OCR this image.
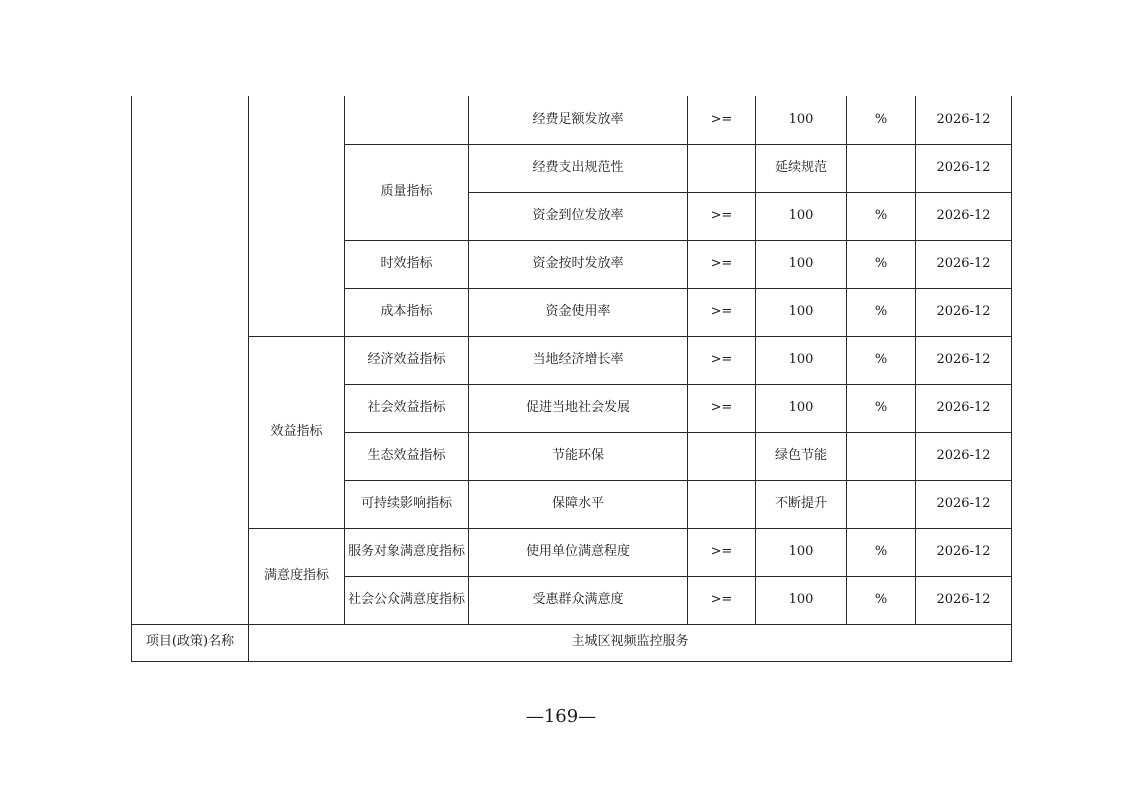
			经费足额发放率	>=	100	%	2026-12
		质量指标	经费支出规范性		延续规范		2026-12
			资金到位发放率	>=	100	%	2026-12
		时效指标	资金按时发放率	>=	100	%	2026-12
		成本指标	资金使用率	>=	100	%	2026-12
	效益指标	经济效益指标	当地经济增长率	>=	100	%	2026-12
		社会效益指标	促进当地社会发展	>=	100	%	2026-12
		生态效益指标	节能环保		绿色节能		2026-12
		可持续影响指标	保障水平		不断提升		2026-12
	满意度指标	服务对象满意度指标	使用单位满意程度	>=	100	%	2026-12
		社会公众满意度指标	受惠群众满意度	>=	100	%	2026-12
项目(政策)名称	主城区视频监控服务						
—169—
